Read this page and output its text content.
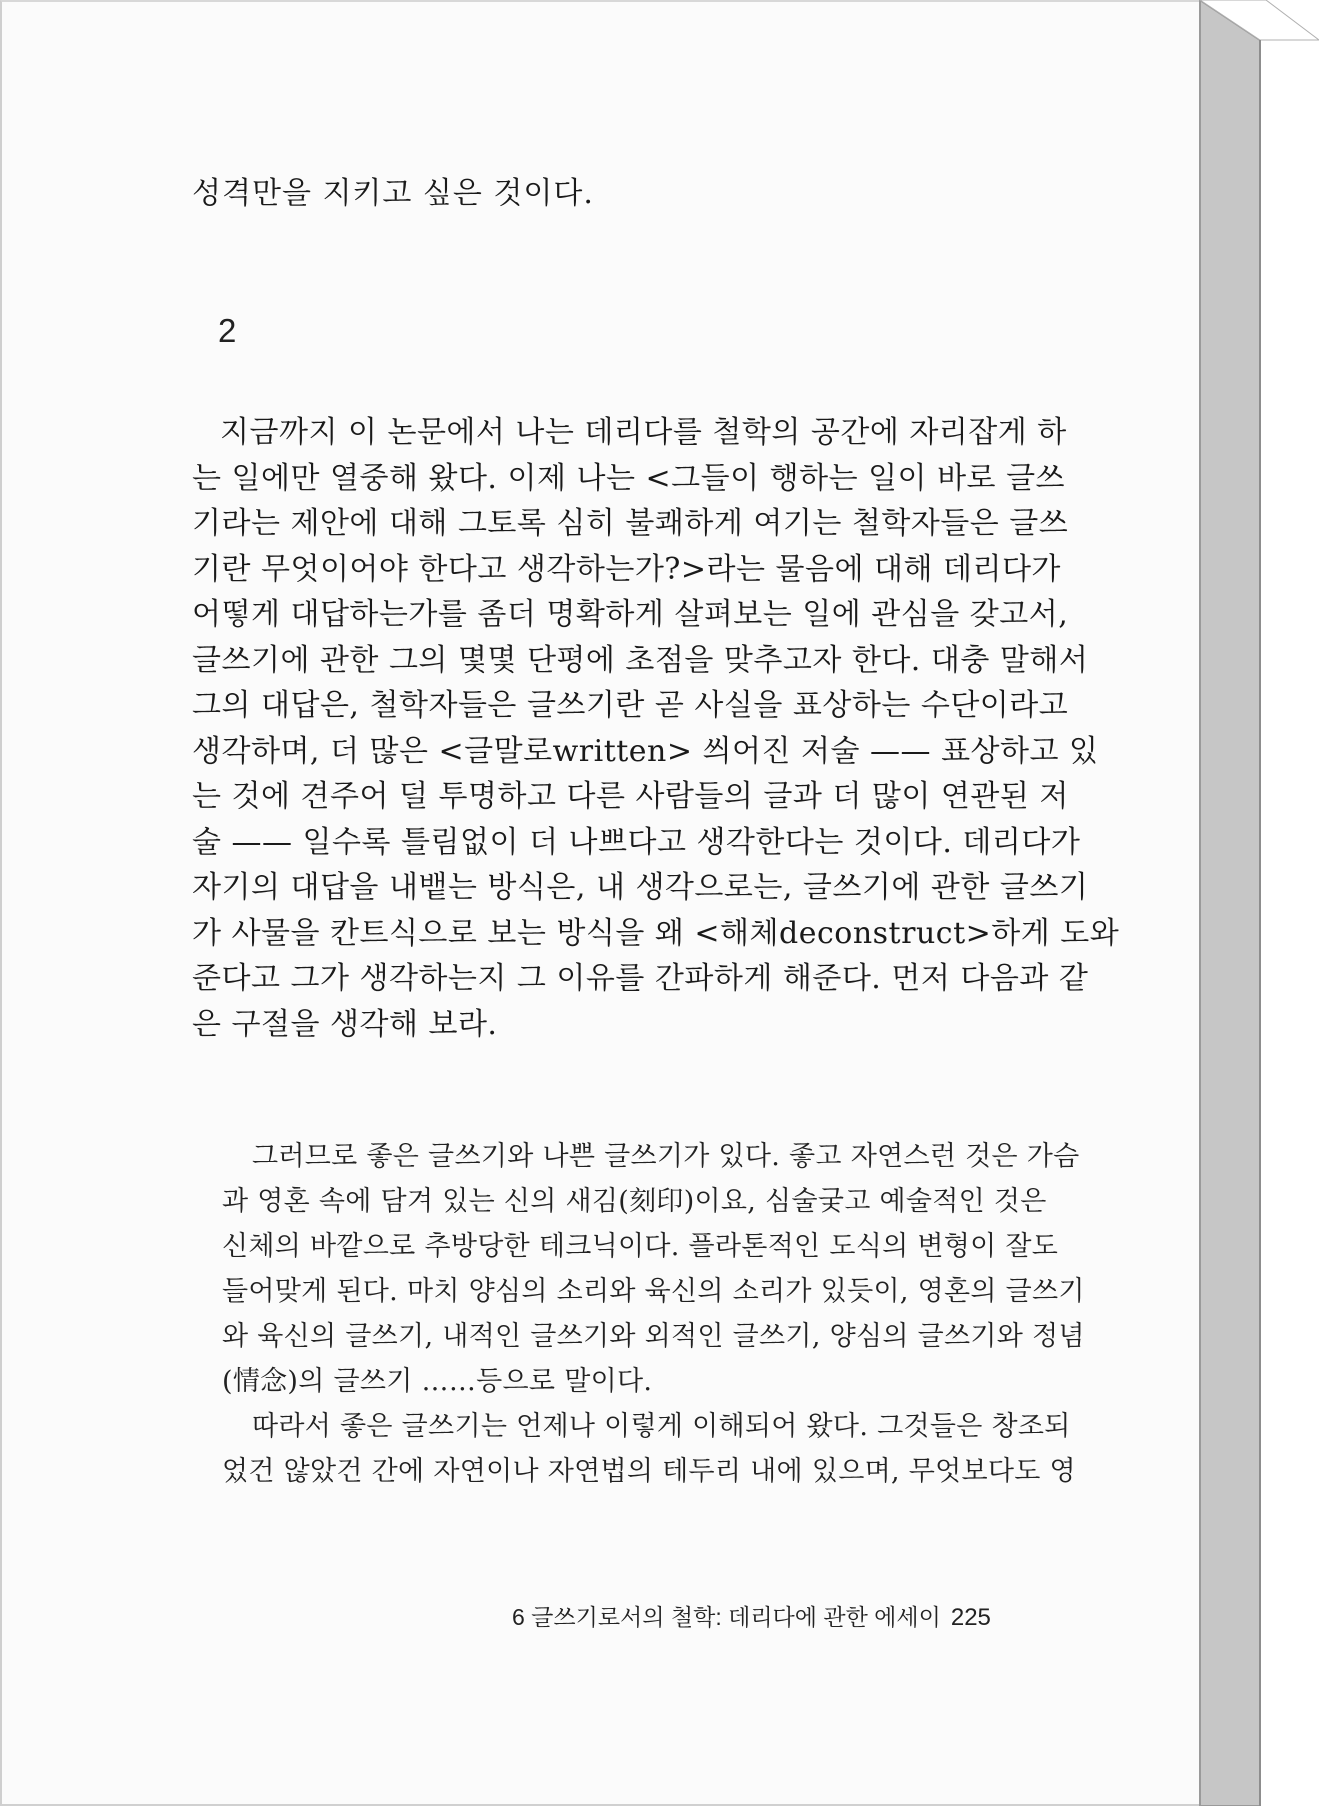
성격만을 지키고 싶은 것이다.
2
지금까지 이 논문에서 나는 데리다를 철학의 공간에 자리잡게 하
는 일에만 열중해 왔다. 이제 나는 <그들이 행하는 일이 바로 글쓰
기라는 제안에 대해 그토록 심히 불쾌하게 여기는 철학자들은 글쓰
기란 무엇이어야 한다고 생각하는가?>라는 물음에 대해 데리다가
어떻게 대답하는가를 좀더 명확하게 살펴보는 일에 관심을 갖고서,
글쓰기에 관한 그의 몇몇 단평에 초점을 맞추고자 한다. 대충 말해서
그의 대답은, 철학자들은 글쓰기란 곧 사실을 표상하는 수단이라고
생각하며, 더 많은 <글말로written> 씌어진 저술 —— 표상하고 있
는 것에 견주어 덜 투명하고 다른 사람들의 글과 더 많이 연관된 저
술 —— 일수록 틀림없이 더 나쁘다고 생각한다는 것이다. 데리다가
자기의 대답을 내뱉는 방식은, 내 생각으로는, 글쓰기에 관한 글쓰기
가 사물을 칸트식으로 보는 방식을 왜 <해체deconstruct>하게 도와
준다고 그가 생각하는지 그 이유를 간파하게 해준다. 먼저 다음과 같
은 구절을 생각해 보라.
그러므로 좋은 글쓰기와 나쁜 글쓰기가 있다. 좋고 자연스런 것은 가슴
과 영혼 속에 담겨 있는 신의 새김(刻印)이요, 심술궂고 예술적인 것은
신체의 바깥으로 추방당한 테크닉이다. 플라톤적인 도식의 변형이 잘도
들어맞게 된다. 마치 양심의 소리와 육신의 소리가 있듯이, 영혼의 글쓰기
와 육신의 글쓰기, 내적인 글쓰기와 외적인 글쓰기, 양심의 글쓰기와 정념
(情念)의 글쓰기 ……등으로 말이다.
따라서 좋은 글쓰기는 언제나 이렇게 이해되어 왔다. 그것들은 창조되
었건 않았건 간에 자연이나 자연법의 테두리 내에 있으며, 무엇보다도 영
6 글쓰기로서의 철학: 데리다에 관한 에세이 225
